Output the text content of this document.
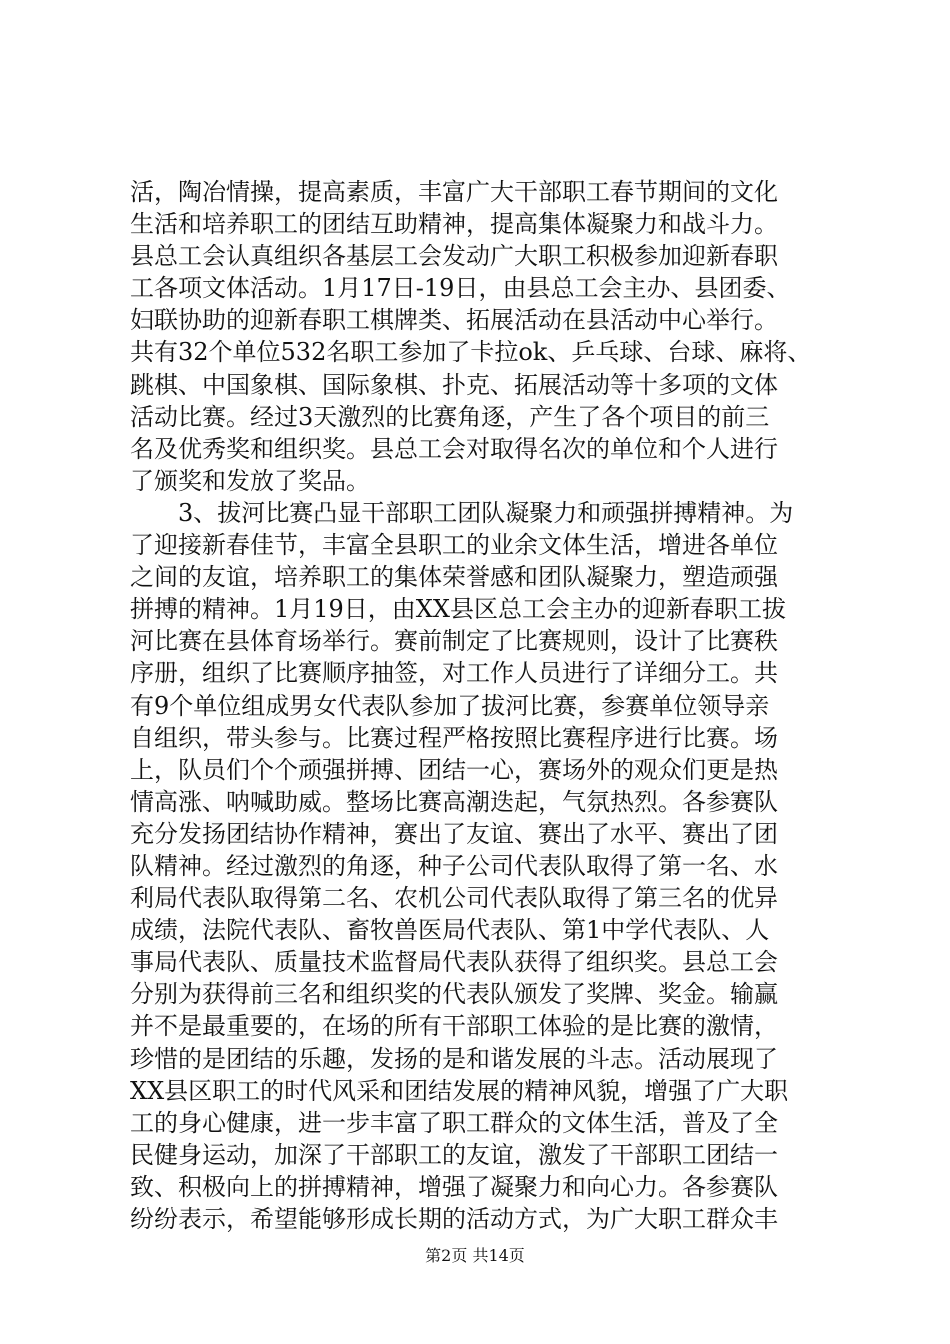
活，陶冶情操，提高素质，丰富广大干部职工春节期间的文化
生活和培养职工的团结互助精神，提高集体凝聚力和战斗力。
县总工会认真组织各基层工会发动广大职工积极参加迎新春职
工各项文体活动。1月17日-19日，由县总工会主办、县团委、
妇联协助的迎新春职工棋牌类、拓展活动在县活动中心举行。
共有32个单位532名职工参加了卡拉ok、乒乓球、台球、麻将、
跳棋、中国象棋、国际象棋、扑克、拓展活动等十多项的文体
活动比赛。经过3天激烈的比赛角逐，产生了各个项目的前三
名及优秀奖和组织奖。县总工会对取得名次的单位和个人进行
了颁奖和发放了奖品。
　　3、拔河比赛凸显干部职工团队凝聚力和顽强拼搏精神。为
了迎接新春佳节，丰富全县职工的业余文体生活，增进各单位
之间的友谊，培养职工的集体荣誉感和团队凝聚力，塑造顽强
拼搏的精神。1月19日，由XX县区总工会主办的迎新春职工拔
河比赛在县体育场举行。赛前制定了比赛规则，设计了比赛秩
序册，组织了比赛顺序抽签，对工作人员进行了详细分工。共
有9个单位组成男女代表队参加了拔河比赛，参赛单位领导亲
自组织，带头参与。比赛过程严格按照比赛程序进行比赛。场
上，队员们个个顽强拼搏、团结一心，赛场外的观众们更是热
情高涨、呐喊助威。整场比赛高潮迭起，气氛热烈。各参赛队
充分发扬团结协作精神，赛出了友谊、赛出了水平、赛出了团
队精神。经过激烈的角逐，种子公司代表队取得了第一名、水
利局代表队取得第二名、农机公司代表队取得了第三名的优异
成绩，法院代表队、畜牧兽医局代表队、第1中学代表队、人
事局代表队、质量技术监督局代表队获得了组织奖。县总工会
分别为获得前三名和组织奖的代表队颁发了奖牌、奖金。输赢
并不是最重要的，在场的所有干部职工体验的是比赛的激情，
珍惜的是团结的乐趣，发扬的是和谐发展的斗志。活动展现了
XX县区职工的时代风采和团结发展的精神风貌，增强了广大职
工的身心健康，进一步丰富了职工群众的文体生活，普及了全
民健身运动，加深了干部职工的友谊，激发了干部职工团结一
致、积极向上的拼搏精神，增强了凝聚力和向心力。各参赛队
纷纷表示，希望能够形成长期的活动方式，为广大职工群众丰
第2页 共14页
